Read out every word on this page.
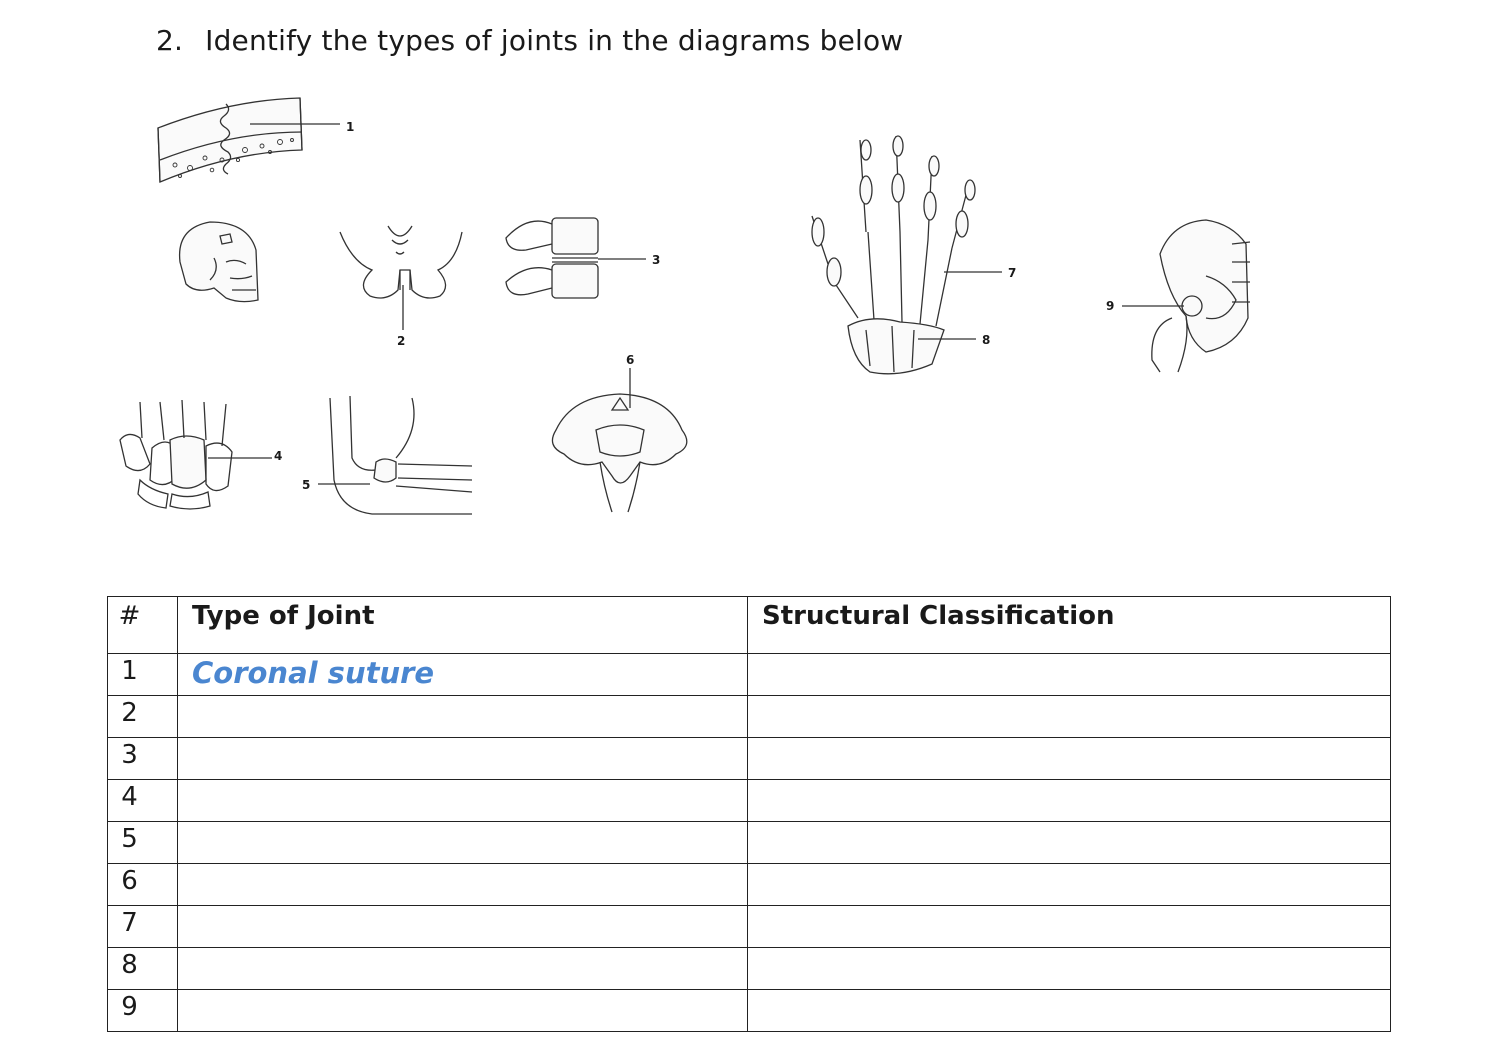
2. Identify the types of joints in the diagrams below
1
2
3
4
5
6
7
8
9
#	Type of Joint	Structural Classification
1	Coronal suture	
2		
3		
4		
5		
6		
7		
8		
9		
